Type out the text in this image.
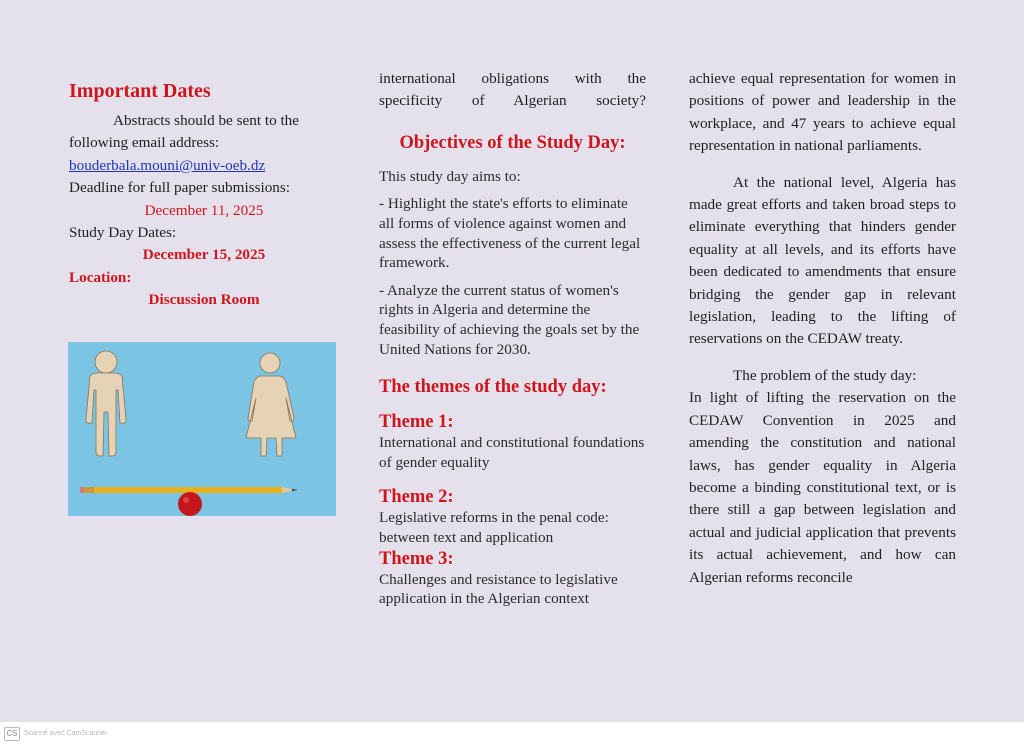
Important Dates
Abstracts should be sent to the following email address:
bouderbala.mouni@univ-oeb.dz
Deadline for full paper submissions:
December 11, 2025
Study Day Dates:
December 15, 2025
Location:
Discussion Room
international obligations with the specificity of Algerian society?
Objectives of the Study Day:
This study day aims to:
- Highlight the state's efforts to eliminate all forms of violence against women and assess the effectiveness of the current legal framework.
- Analyze the current status of women's rights in Algeria and determine the feasibility of achieving the goals set by the United Nations for 2030.
The themes of the study day:
Theme 1:
International and constitutional foundations of gender equality
Theme 2:
Legislative reforms in the penal code: between text and application
Theme 3:
Challenges and resistance to legislative application in the Algerian context
achieve equal representation for women in positions of power and leadership in the workplace, and 47 years to achieve equal representation in national parliaments.
At the national level, Algeria has made great efforts and taken broad steps to eliminate everything that hinders gender equality at all levels, and its efforts have been dedicated to amendments that ensure bridging the gender gap in relevant legislation, leading to the lifting of reservations on the CEDAW treaty.
The problem of the study day:
In light of lifting the reservation on the CEDAW Convention in 2025 and amending the constitution and national laws, has gender equality in Algeria become a binding constitutional text, or is there still a gap between legislation and actual and judicial application that prevents its actual achievement, and how can Algerian reforms reconcile
CS Scanné avec CamScanner
